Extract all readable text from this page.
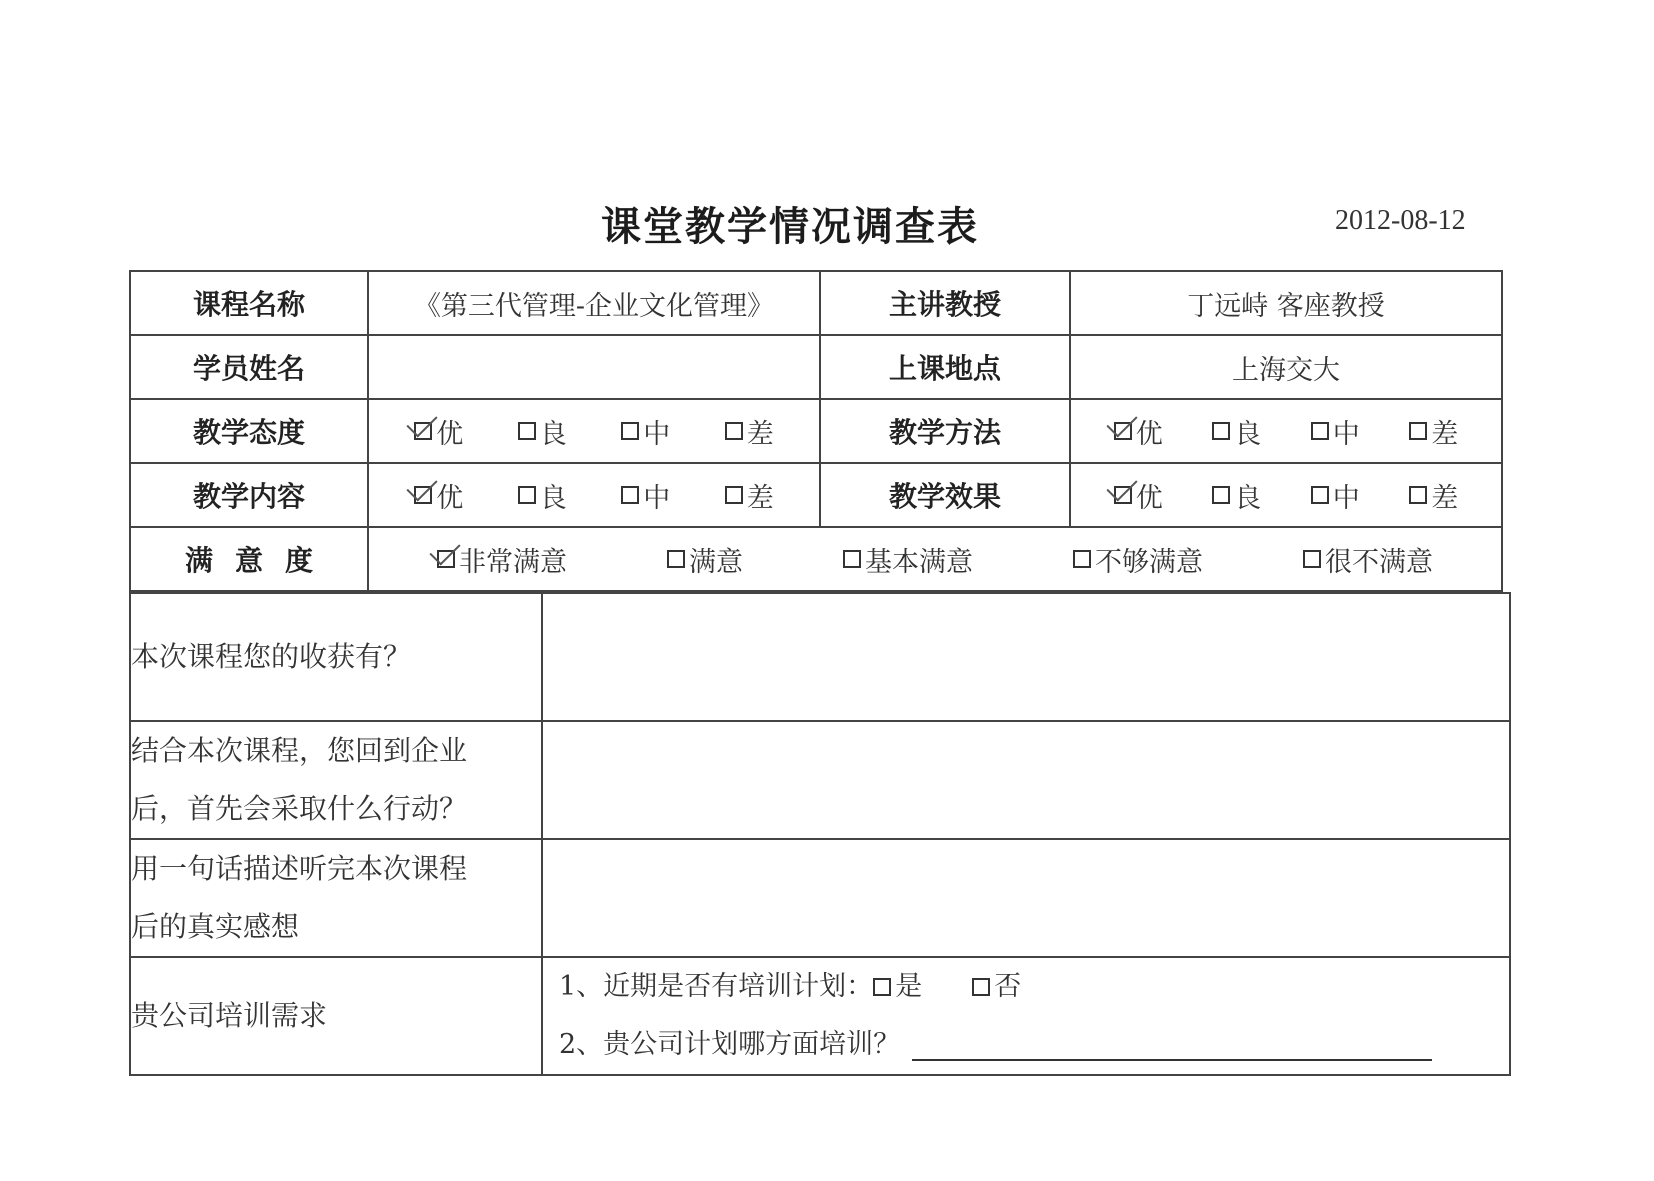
课堂教学情况调查表	2012-08-12
课程名称	《第三代管理-企业文化管理》	主讲教授	丁远峙 客座教授
学员姓名		上课地点	上海交大
教学态度	优 良 中 差	教学方法	优 良 中 差

教学内容	优 良 中 差	教学效果	优 良 中 差

满意度	非常满意 满意 基本满意 不够满意 很不满意		
本次课程您的收获有？	

结合本次课程，您回到企业
后，首先会采取什么行动？	

用一句话描述听完本次课程
后的真实感想	

贵公司培训需求	1、近期是否有培训计划： 是 否
2、贵公司计划哪方面培训？
